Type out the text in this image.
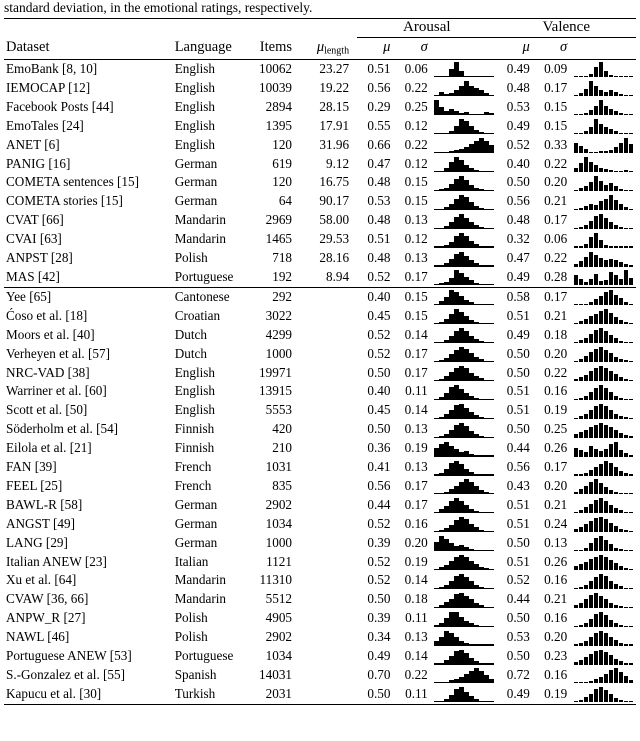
standard deviation, in the emotional ratings, respectively.
				Arousal			Valence		
Dataset	Language	Items	$\mu_{length}$	μ	σ		μ	σ	
EmoBank [8, 10]	English	10062	23.27	0.51	0.06		0.49	0.09	

IEMOCAP [12]	English	10039	19.22	0.56	0.22		0.48	0.17	

Facebook Posts [44]	English	2894	28.15	0.29	0.25		0.53	0.15	

EmoTales [24]	English	1395	17.91	0.55	0.12		0.49	0.15	

ANET [6]	English	120	31.96	0.66	0.22		0.52	0.33	

PANIG [16]	German	619	9.12	0.47	0.12		0.40	0.22	

COMETA sentences [15]	German	120	16.75	0.48	0.15		0.50	0.20	

COMETA stories [15]	German	64	90.17	0.53	0.15		0.56	0.21	

CVAT [66]	Mandarin	2969	58.00	0.48	0.13		0.48	0.17	

CVAI [63]	Mandarin	1465	29.53	0.51	0.12		0.32	0.06	

ANPST [28]	Polish	718	28.16	0.48	0.13		0.47	0.22	

MAS [42]	Portuguese	192	8.94	0.52	0.17		0.49	0.28	

Yee [65]	Cantonese	292		0.40	0.15		0.58	0.17	

Ćoso et al. [18]	Croatian	3022		0.45	0.15		0.51	0.21	

Moors et al. [40]	Dutch	4299		0.52	0.14		0.49	0.18	

Verheyen et al. [57]	Dutch	1000		0.52	0.17		0.50	0.20	

NRC-VAD [38]	English	19971		0.50	0.17		0.50	0.22	

Warriner et al. [60]	English	13915		0.40	0.11		0.51	0.16	

Scott et al. [50]	English	5553		0.45	0.14		0.51	0.19	

Söderholm et al. [54]	Finnish	420		0.50	0.13		0.50	0.25	

Eilola et al. [21]	Finnish	210		0.36	0.19		0.44	0.26	

FAN [39]	French	1031		0.41	0.13		0.56	0.17	

FEEL [25]	French	835		0.56	0.17		0.43	0.20	

BAWL-R [58]	German	2902		0.44	0.17		0.51	0.21	

ANGST [49]	German	1034		0.52	0.16		0.51	0.24	

LANG [29]	German	1000		0.39	0.20		0.50	0.13	

Italian ANEW [23]	Italian	1121		0.52	0.19		0.51	0.26	

Xu et al. [64]	Mandarin	11310		0.52	0.14		0.52	0.16	

CVAW [36, 66]	Mandarin	5512		0.50	0.18		0.44	0.21	

ANPW_R [27]	Polish	4905		0.39	0.11		0.50	0.16	

NAWL [46]	Polish	2902		0.34	0.13		0.53	0.20	

Portuguese ANEW [53]	Portuguese	1034		0.49	0.14		0.50	0.23	

S.-Gonzalez et al. [55]	Spanish	14031		0.70	0.22		0.72	0.16	

Kapucu et al. [30]	Turkish	2031		0.50	0.11		0.49	0.19	
